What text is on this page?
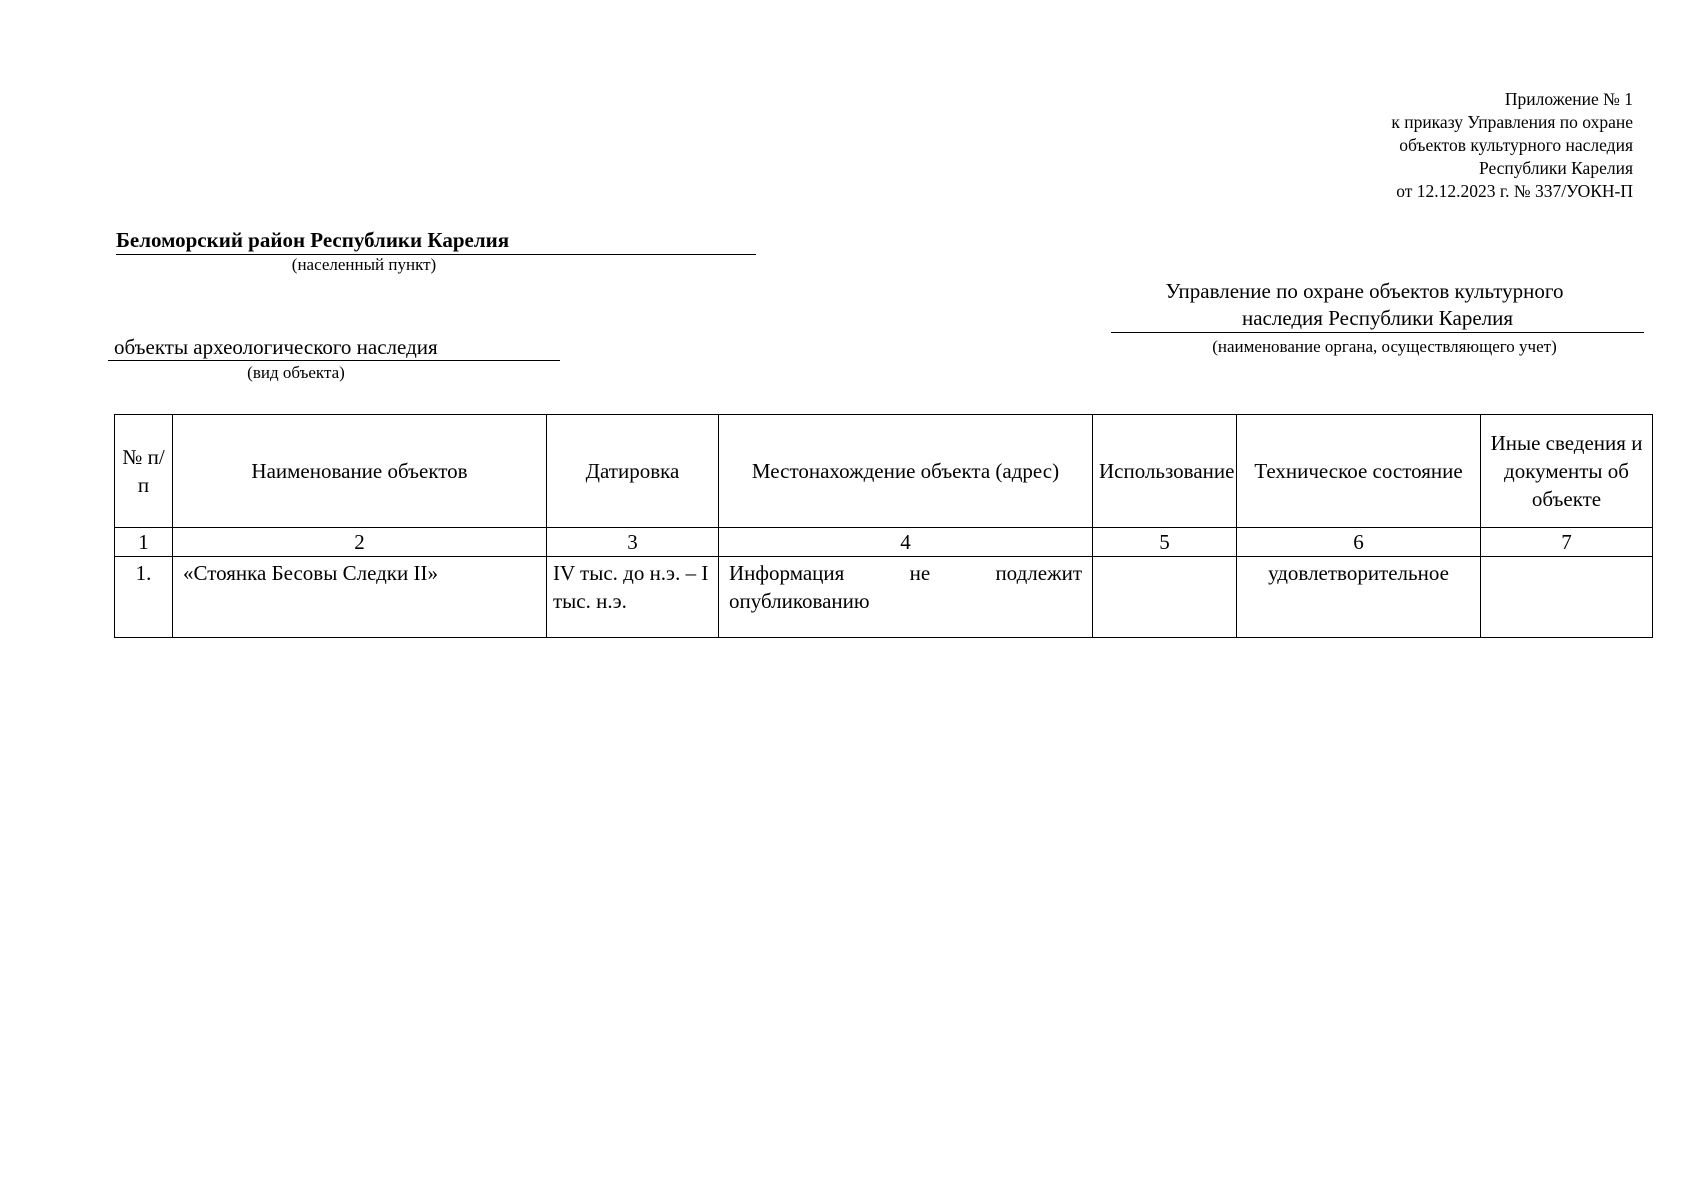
Приложение № 1
к приказу Управления по охране
объектов культурного наследия
Республики Карелия
от 12.12.2023 г. № 337/УОКН-П
Беломорский район Республики Карелия
(населенный пункт)
Управление по охране объектов культурного
наследия Республики Карелия
(наименование органа, осуществляющего учет)
объекты археологического наследия
(вид объекта)
№ п/п	Наименование объектов	Датировка	Местонахождение объекта (адрес)	Использование	Техническое состояние	Иные сведения и документы об объекте
1	2	3	4	5	6	7
1.	«Стоянка Бесовы Следки II»	IV тыс. до н.э. – I тыс. н.э.	Информация не подлежит опубликованию		удовлетворительное	
